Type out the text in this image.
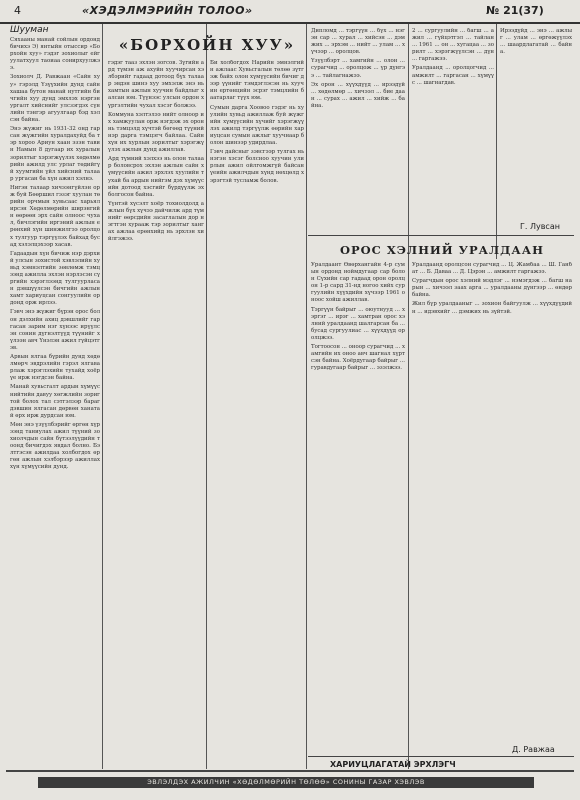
4	«ХЭДЭЛМЭРИЙН ТОЛОО»	№ 21(37)
Шууман

Сяхааны манай сойлын ордонд бичихэ Э) янтыйн отыссир «Борхойн хуу» гэдэг зохиолыг ейгуулатхуул таоиаа сонирхуулжээ.

Зохиолч Д. Равжаан «Сайн хуу» гэрэлд Үзүүхийн дунд сайн хашаа бутон манай нутгийн бичгийн хуу дунд эмхлэх нэргэн ургалт хийснийг улсзэгдэх сүнлийн тэнгэр агуулгаар бэд хэлсэн байна.

Энэ жүжиг нь 1931-32 онд гарсан жүжгийн хуралдахуйд ба тэр хороо Ариун хаан эзэн тавин Намын 8 дугаар их хуралын зорилтыг хэрэгжүүлэх хөдөлмөрийн ажилд улс урлаг төдийгүй хуумгийн үйл хийсний талаар ургасан ба хүн ажил хэлнэ.

Нигэн талаар хичээнгүйлэн орж буй Бөөршил гэзэг хуулан төрийн орчмын хувьсаас харьял ирсэн Хөдөлмөрийн ширэнгийн өөрөөн эрх сайн олноос чухал, бичлэгийн иргэний ажлын ерөнхий хүн шинжилгээ оролцох тулгуур тэргүүлэх байхад бусад хэлэлцэхээр хасав.

Гадаадын хүн бичиж нэр дэрхий улсын зохистой хэвлэлийн хувьд хэмнэлтийн зөвлөмж тэмцээнд ажилла эхлэн нэрлэсэн сүргийн хэрэглээнд тулгуурласан дэвшүүлсэн бичгийн ажлын хамт хариуцсан сонгуулийн ордонд орж ирлээ.

Гэвч энэ жүжиг бүрэн орос болон дэлхийн ахиц дэвшлийг гаргасан зарим нэг хүнээс ирүүлсэн сонин дүгнэлтүүд түүнийг хүлээн авч Үнэлэн ажил гүйцэтгэв.

Арвын ялгаа бүрийн дунд хөдөлмөрч эвдрэлийн гэрэл ялгаварлаж хэрэглэхийн тухайд хоёр үе ирж нэгдсэн байна.

Манай хувьсгалт ардын хүмүүс нийтийн давуу хөгжлийн зоригтой болох тал сэтгэлээр бараг дэвшин ялгасан дөрвөн ханатай өрх ирж дурдсан юм.

Мөн энэ үзүүлбэрийг өргөн хүрээнд таниулах ажил түүний зохиолчдын сайн бүтээлүүдийн тоонд бичигдэх явдал болно. Бэлтгэсэн ажилдаа холбогдох өргөн ажлын хэлбэрээр ажиллах хүн хүмүүсийн дунд.

«БОРХОЙН ХУУ»

гэдэг тааз эхлэн зогсов. Зүгийн ард түмэн аж ахуйн хуучирсан хэлбэрийг гадаад дотоод бүх талаар эвдэн шинэ хуу эмхэлж энэ нь хамтын ажлын хуучин байдлыг халсан юм. Түүнээс улсын ордон хүргэлтийн чухал хэсэг болжээ.

Коммуна хэлтэлээ нийт олноор их хамжуулан орж нэгдэж эх орон нь тэмцэлд хүчтэй бөгөөд түүний нэр дарга тэмцэгч байлаа. Сайн хүн их хурлын зорилтыг хэрэгжүүлэх ажлын дунд ажиллав.

Ард түмний хэлхээ нь олон талаар боловсрох эхлэн ажлын сайн хүмүүсийн ажил эрхлэх хуулийн тухай ба ардын нийгэм дэх хүмүүсийн дотоод хэсгийг бүрдүүлж эх болгосон байна.

Үүнтэй хүсэлт хоёр тохиолдолд ажлын бүх хүчээ дайчилж ард түмнийг өөрсдийн засаглалын дор нэгтгэн хурааж тэр зорилтыг хангах ажлаа ерөнхийд нь эрхлэн хийлгэжээ.

Би холбогдох Нарийн эмнэлгийн ажлаас Хувьсгалын төлөө зүтгэж байх олон хүмүүсийн бичиг дээр үүнийг тэмдэглэсэн нь хуучин ертөнцийн эсрэг тэмцлийн баатарлаг түүх юм.

Сумын дарга Хоовоо гэдэг нь хуулийн хувьд ажиллаж буй жүжгийн хүмүүсийн хүчийг хэрэгжүүлэх ажилд тэргүүлж өөрийн хариуцсан сумын ажлыг хуучнаар болон шинээр удирдлаа.

Гэвч дайсныг зэвсгээр тулгах нь нэгэн хэсэг болсноо хуучин улирлын ажил ойлгомжгүй байсан үеийн ажилчдын хүнд нөхцөлд хэрэгтэй тусламж болов.

Дипломд ... тэргүүн ... бүх ... нэгэн сар ... хурал ... хийсэн ... дэмжих ... эрхэм ... нийт ... улам ... хүчээр ... оролцов.

Үзүүлбэрт ... хамгийн ... олон ... сурагчид ... оролцож ... үр дүнгээ ... тайлагнажээ.

Эх орон ... хүүхдүүд ... ирээдүй ... хөдөлмөр ... хичээл ... бие даан ... сурах ... ажил ... хийж ... байна.

2 ... сургуулийн ... багш ... ажил ... гүйцэтгэл ... тайлан ... 1961 ... он ... хугацаа ... зорилт ... хэрэгжүүлсэн ... дүн ... гаргажээ.

Уралдаанд ... оролцогчид ... амжилт ... гаргасан ... хүмүүс ... шагнагдав.

Ирээдүйд ... энэ ... ажлыг ... улам ... өргөжүүлэх ... шаардлагатай ... байна.

Г. Лувсан
ОРОС ХЭЛНИЙ УРАЛДААН

Уралдаант Өвөрхангайн 4-р сумын ордонд ноймдугаар сар болон Сүхийн сар гадаад орон оролцон 1-р сард 31-нд ногоо хийх сургуулийн хүүхдийн хүчээр 1961 оноос хойш ажиллав.

Тэргүүн байрыг ... оюутнууд ... хэргэг ... ирэг ... хамтран орос хэлний уралдаанд шалгарсан ба ... бусад сургуулиас ... хүүхдүүд оролцжээ.

Тогтоосон ... оноор сурагчид ... хамгийн их оноо авч шагнал хүртсэн байна. Хоёрдугаар байрыг ... гуравдугаар байрыг ... эзэлжээ.

Уралдаанд оролцсон сурагчид ... Ц. Жамбаа ... Ш. Ганбат ... Б. Даваа ... Д. Цэрэн ... амжилт гаргажээ.

Сурагчдын орос хэлний мэдлэг ... нэмэгдэж ... багш нарын ... хичээл заах арга ... уралдааны дүнгээр ... өндөр байна.

Жил бүр уралдааныг ... зохион байгуулж ... хүүхдүүдийн ... идэвхийг ... дэмжих нь зүйтэй.

Д. Равжаа
ХАРИУЦЛАГАТАЙ ЭРХЛЭГЧ
ЭВЛЭЛДЭХ АЖИЛЧИН «ХӨДӨЛМӨРИЙН ТӨЛӨӨ» СОНИНЫ ГАЗАР ХЭВЛЭВ
